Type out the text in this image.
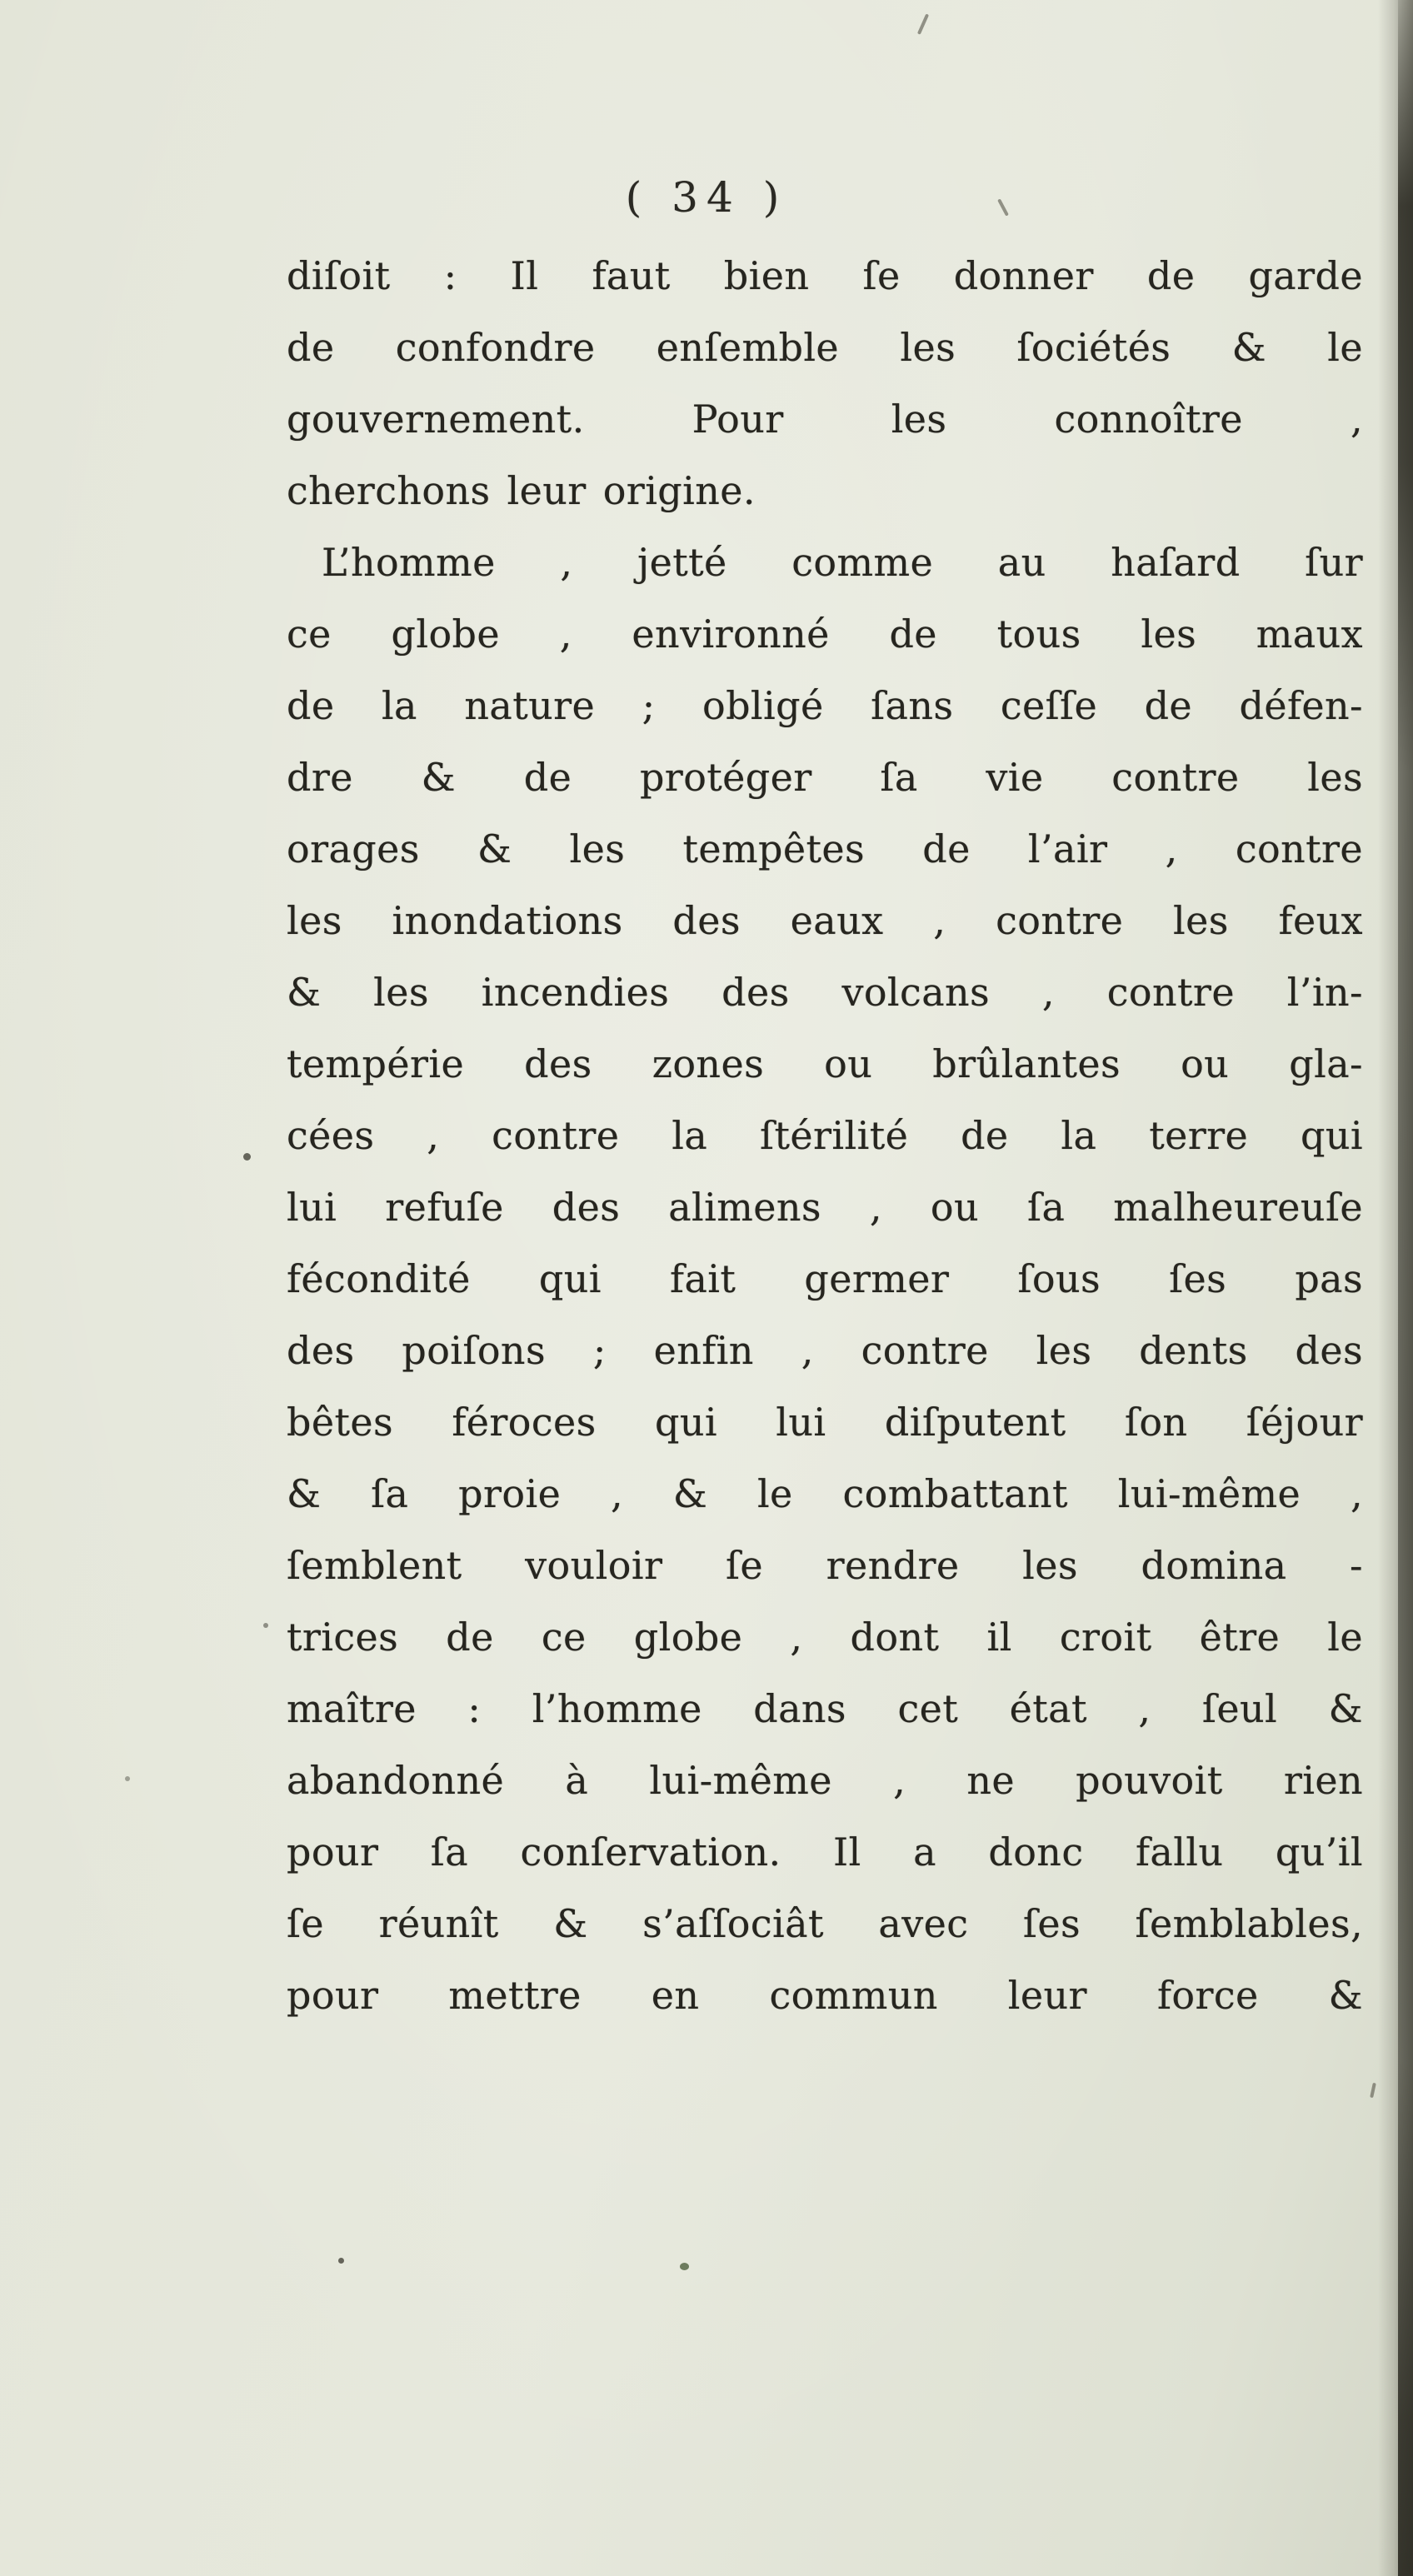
( 34 )
diſoit : Il faut bien ſe donner de garde
de confondre enſemble les ſociétés & le
gouvernement. Pour les connoître ,
cherchons leur origine.
L’homme , jetté comme au haſard ſur
ce globe , environné de tous les maux
de la nature ; obligé ſans ceſſe de défen-
dre & de protéger ſa vie contre les
orages & les tempêtes de l’air , contre
les inondations des eaux , contre les feux
& les incendies des volcans , contre l’in-
tempérie des zones ou brûlantes ou gla-
cées , contre la ſtérilité de la terre qui
lui refuſe des alimens , ou ſa malheureuſe
fécondité qui fait germer ſous ſes pas
des poiſons ; enfin , contre les dents des
bêtes féroces qui lui diſputent ſon ſéjour
& ſa proie , & le combattant lui-même ,
ſemblent vouloir ſe rendre les domina -
trices de ce globe , dont il croit être le
maître : l’homme dans cet état , ſeul &
abandonné à lui-même , ne pouvoit rien
pour ſa conſervation. Il a donc fallu qu’il
ſe réunît & s’aſſociât avec ſes ſemblables,
pour mettre en commun leur force &
